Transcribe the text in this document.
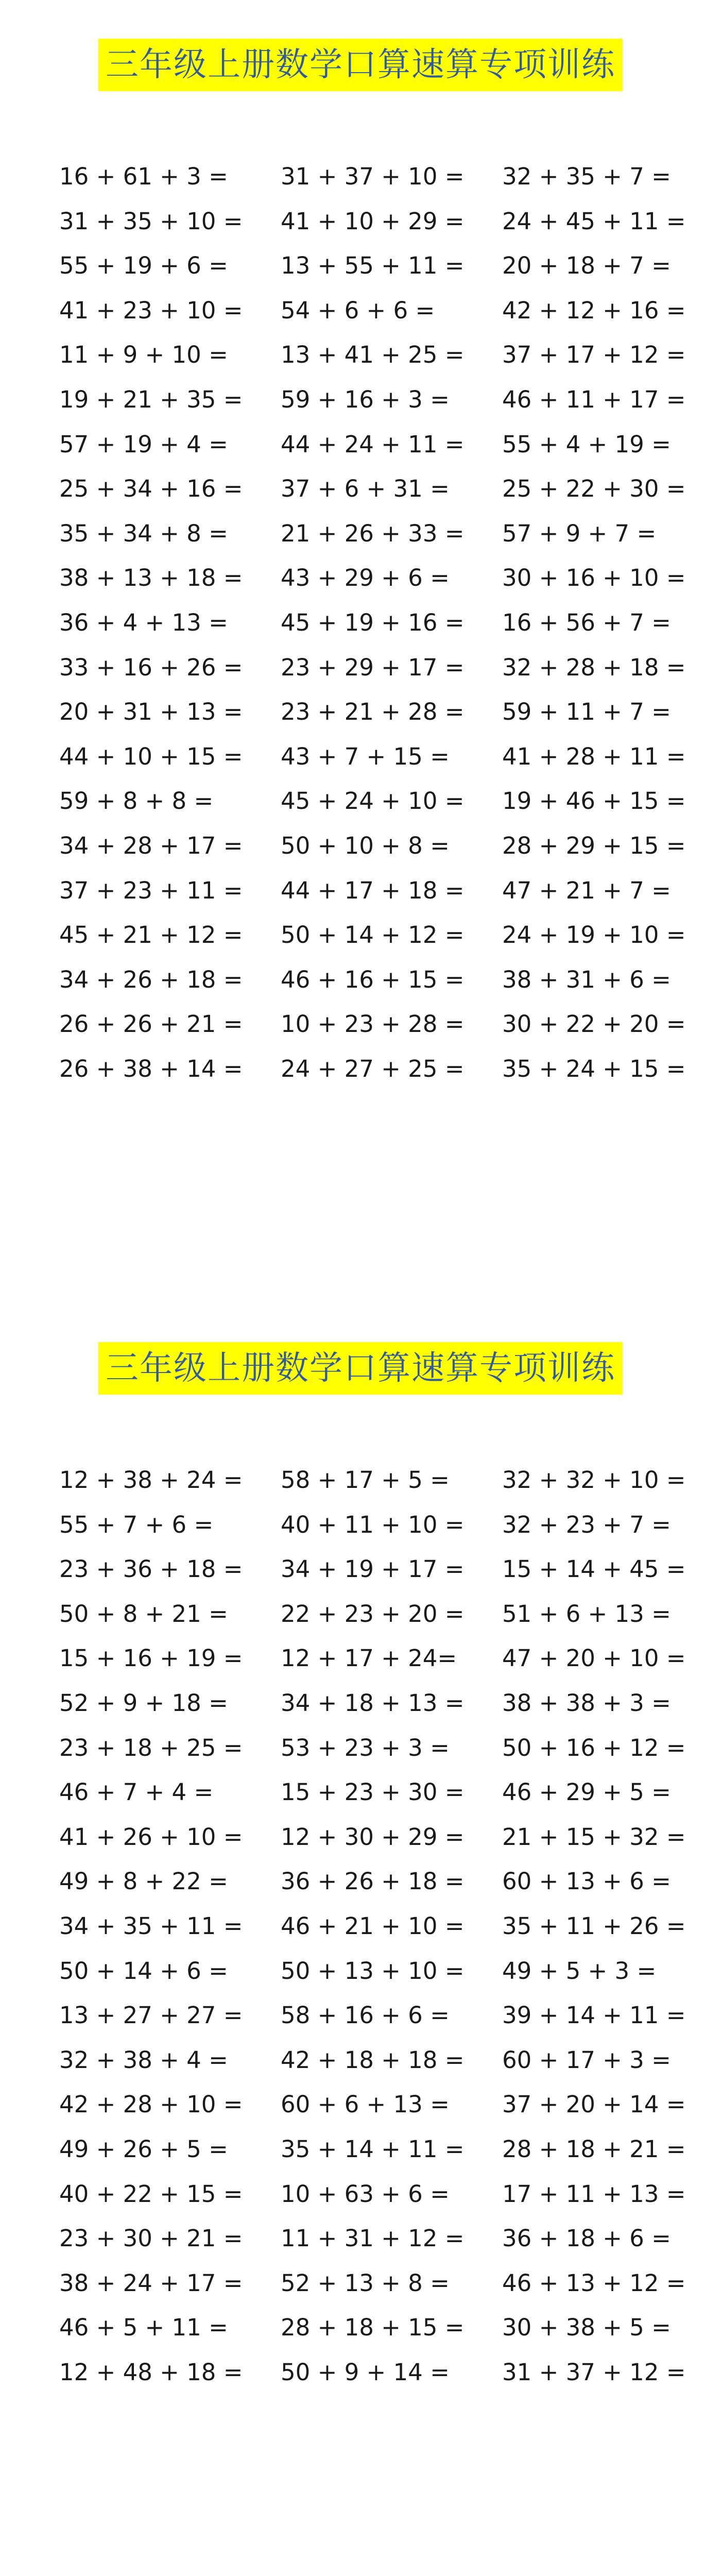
三年级上册数学口算速算专项训练
16 + 61 + 3 =	31 + 37 + 10 =	32 + 35 + 7 =
31 + 35 + 10 =	41 + 10 + 29 =	24 + 45 + 11 =
55 + 19 + 6 =	13 + 55 + 11 =	20 + 18 + 7 =
41 + 23 + 10 =	54 + 6 + 6 =	42 + 12 + 16 =
11 + 9 + 10 =	13 + 41 + 25 =	37 + 17 + 12 =
19 + 21 + 35 =	59 + 16 + 3 =	46 + 11 + 17 =
57 + 19 + 4 =	44 + 24 + 11 =	55 + 4 + 19 =
25 + 34 + 16 =	37 + 6 + 31 =	25 + 22 + 30 =
35 + 34 + 8 =	21 + 26 + 33 =	57 + 9 + 7 =
38 + 13 + 18 =	43 + 29 + 6 =	30 + 16 + 10 =
36 + 4 + 13 =	45 + 19 + 16 =	16 + 56 + 7 =
33 + 16 + 26 =	23 + 29 + 17 =	32 + 28 + 18 =
20 + 31 + 13 =	23 + 21 + 28 =	59 + 11 + 7 =
44 + 10 + 15 =	43 + 7 + 15 =	41 + 28 + 11 =
59 + 8 + 8 =	45 + 24 + 10 =	19 + 46 + 15 =
34 + 28 + 17 =	50 + 10 + 8 =	28 + 29 + 15 =
37 + 23 + 11 =	44 + 17 + 18 =	47 + 21 + 7 =
45 + 21 + 12 =	50 + 14 + 12 =	24 + 19 + 10 =
34 + 26 + 18 =	46 + 16 + 15 =	38 + 31 + 6 =
26 + 26 + 21 =	10 + 23 + 28 =	30 + 22 + 20 =
26 + 38 + 14 =	24 + 27 + 25 =	35 + 24 + 15 =
三年级上册数学口算速算专项训练
12 + 38 + 24 =	58 + 17 + 5 =	32 + 32 + 10 =
55 + 7 + 6 =	40 + 11 + 10 =	32 + 23 + 7 =
23 + 36 + 18 =	34 + 19 + 17 =	15 + 14 + 45 =
50 + 8 + 21 =	22 + 23 + 20 =	51 + 6 + 13 =
15 + 16 + 19 =	12 + 17 + 24=	47 + 20 + 10 =
52 + 9 + 18 =	34 + 18 + 13 =	38 + 38 + 3 =
23 + 18 + 25 =	53 + 23 + 3 =	50 + 16 + 12 =
46 + 7 + 4 =	15 + 23 + 30 =	46 + 29 + 5 =
41 + 26 + 10 =	12 + 30 + 29 =	21 + 15 + 32 =
49 + 8 + 22 =	36 + 26 + 18 =	60 + 13 + 6 =
34 + 35 + 11 =	46 + 21 + 10 =	35 + 11 + 26 =
50 + 14 + 6 =	50 + 13 + 10 =	49 + 5 + 3 =
13 + 27 + 27 =	58 + 16 + 6 =	39 + 14 + 11 =
32 + 38 + 4 =	42 + 18 + 18 =	60 + 17 + 3 =
42 + 28 + 10 =	60 + 6 + 13 =	37 + 20 + 14 =
49 + 26 + 5 =	35 + 14 + 11 =	28 + 18 + 21 =
40 + 22 + 15 =	10 + 63 + 6 =	17 + 11 + 13 =
23 + 30 + 21 =	11 + 31 + 12 =	36 + 18 + 6 =
38 + 24 + 17 =	52 + 13 + 8 =	46 + 13 + 12 =
46 + 5 + 11 =	28 + 18 + 15 =	30 + 38 + 5 =
12 + 48 + 18 =	50 + 9 + 14 =	31 + 37 + 12 =
